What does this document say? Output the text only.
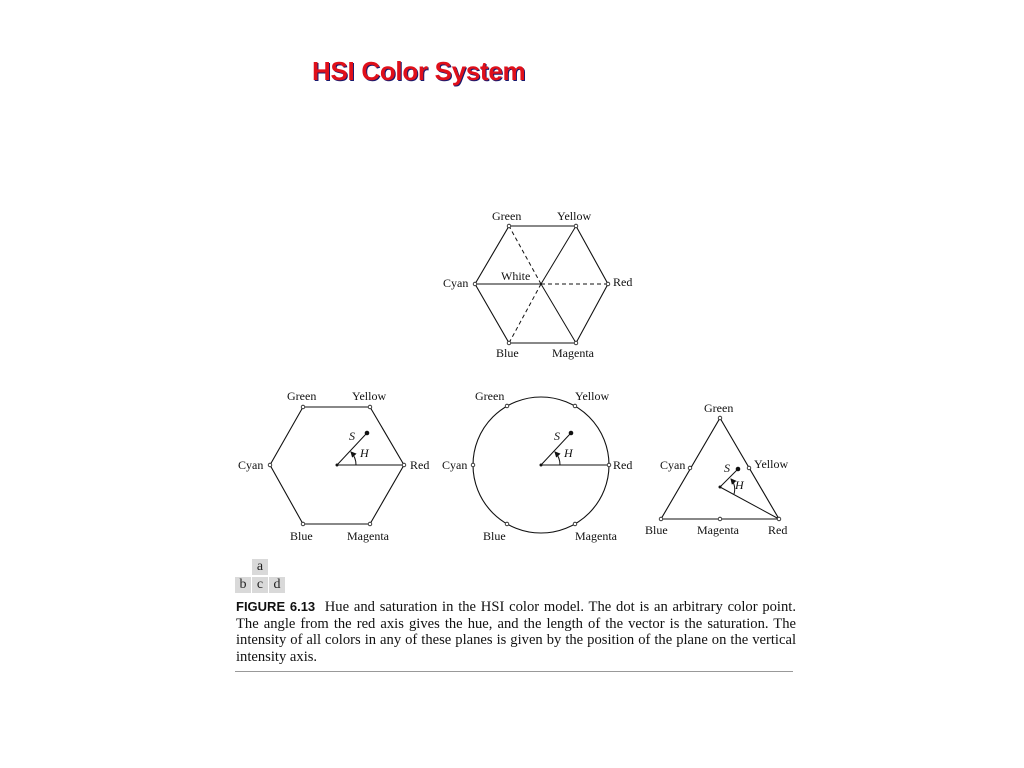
HSI Color System
Green	Yellow
Red
Magenta
Blue
Cyan	White
Green	Yellow
Red
Magenta
Blue
Cyan
S
H
Green	Yellow
Red
Magenta
Blue
Cyan
S
H
Green
Yellow
Red
Magenta
Blue
Cyan	S
H
a
b c d
FIGURE 6.13 Hue and saturation in the HSI color model. The dot is an arbitrary color point. The angle from the red axis gives the hue, and the length of the vector is the saturation. The intensity of all colors in any of these planes is given by the position of the plane on the vertical intensity axis.
